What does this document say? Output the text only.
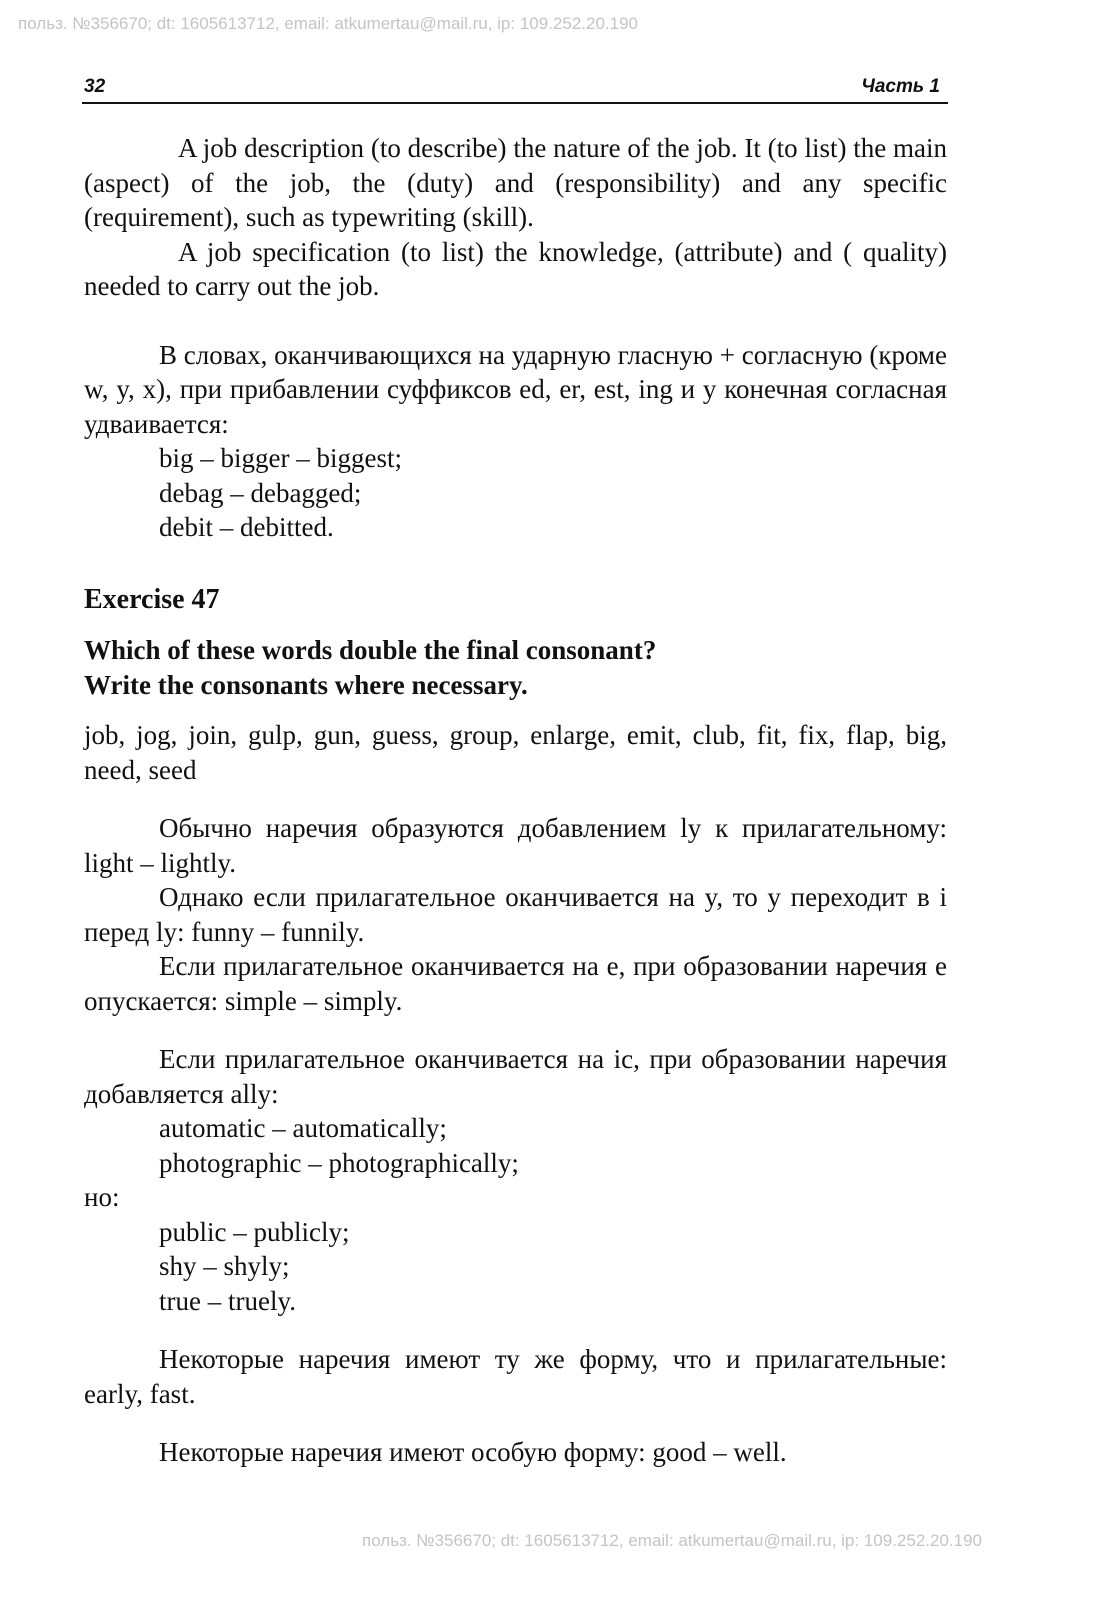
польз. №356670; dt: 1605613712, email: atkumertau@mail.ru, ip: 109.252.20.190
32	Часть 1

A job description (to describe) the nature of the job. It (to list) the main (aspect) of the job, the (duty) and (responsibility) and any specific (requirement), such as typewriting (skill).

A job specification (to list) the knowledge, (attribute) and ( quality) needed to carry out the job.

В словах, оканчивающихся на ударную гласную + согласную (кроме w, y, x), при прибавлении суффиксов ed, er, est, ing и у конечная согласная удваивается:

big – bigger – biggest;

debag – debagged;

debit – debitted.

Exercise 47

Which of these words double the final consonant?

Write the consonants where necessary.

job, jog, join, gulp, gun, guess, group, enlarge, emit, club, fit, fix, flap, big, need, seed

Обычно наречия образуются добавлением ly к прилагательному: light – lightly.

Однако если прилагательное оканчивается на y, то y переходит в i перед ly: funny – funnily.

Если прилагательное оканчивается на e, при образовании наречия e опускается: simple – simply.

Если прилагательное оканчивается на ic, при образовании наречия добавляется ally:

automatic – automatically;

photographic – photographically;

но:

public – publicly;

shy – shyly;

true – truely.

Некоторые наречия имеют ту же форму, что и прилагательные: early, fast.

Некоторые наречия имеют особую форму: good – well.

польз. №356670; dt: 1605613712, email: atkumertau@mail.ru, ip: 109.252.20.190
